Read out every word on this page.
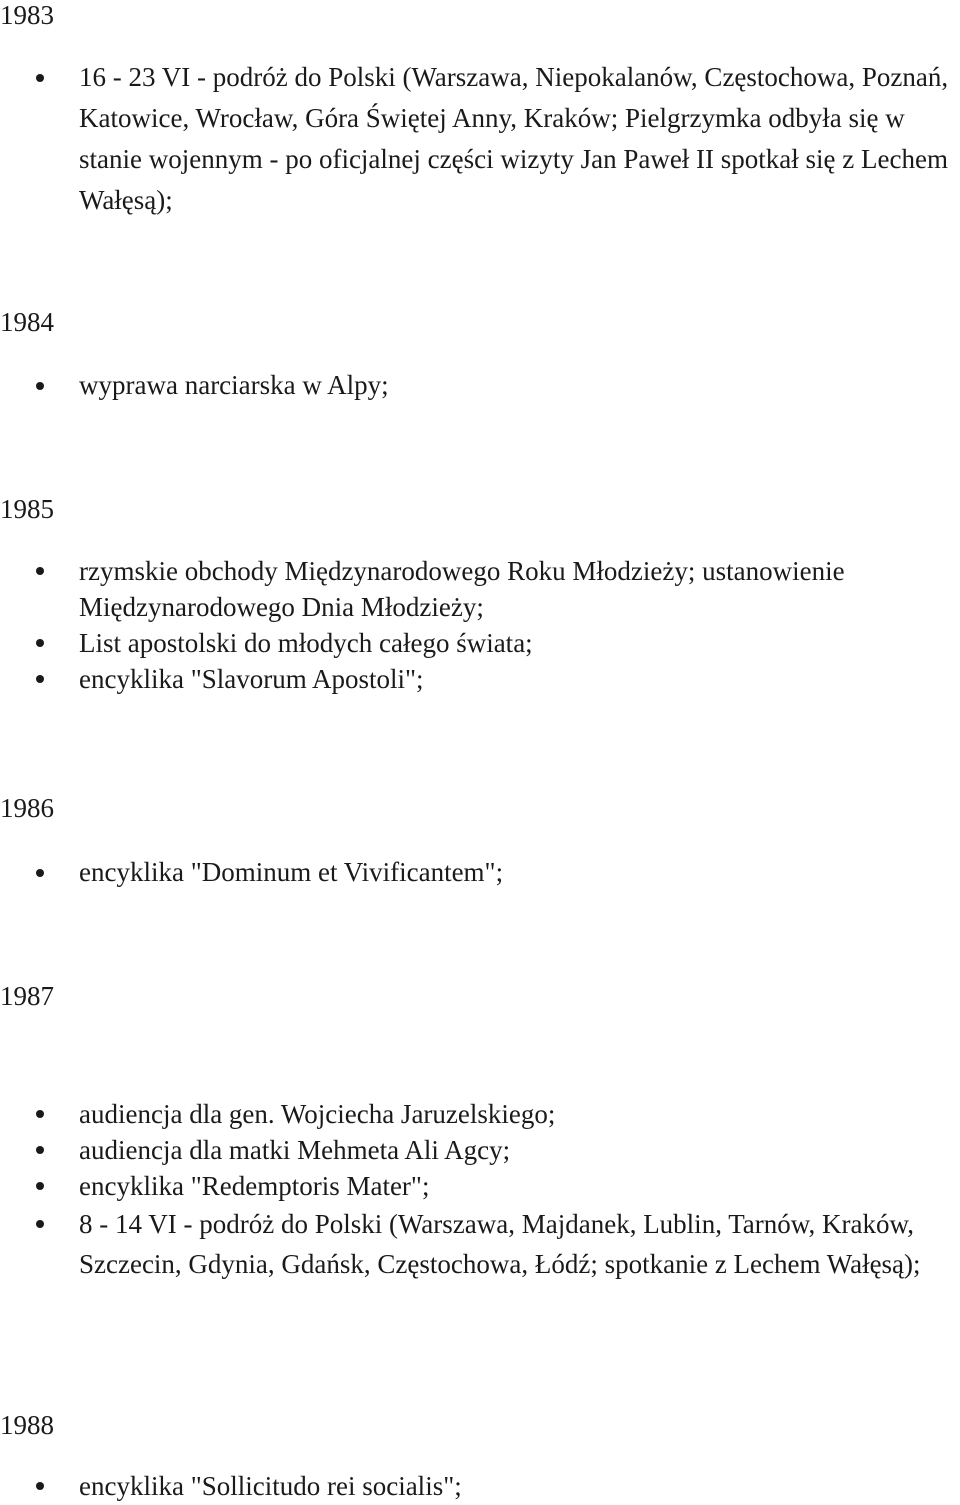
1983
16 - 23 VI - podróż do Polski (Warszawa, Niepokalanów, Częstochowa, Poznań, Katowice, Wrocław, Góra Świętej Anny, Kraków; Pielgrzymka odbyła się w stanie wojennym - po oficjalnej części wizyty Jan Paweł II spotkał się z Lechem Wałęsą);
1984
wyprawa narciarska w Alpy;
1985
rzymskie obchody Międzynarodowego Roku Młodzieży; ustanowienie Międzynarodowego Dnia Młodzieży;
List apostolski do młodych całego świata;
encyklika "Slavorum Apostoli";
1986
encyklika "Dominum et Vivificantem";
1987
audiencja dla gen. Wojciecha Jaruzelskiego;
audiencja dla matki Mehmeta Ali Agcy;
encyklika "Redemptoris Mater";
8 - 14 VI - podróż do Polski (Warszawa, Majdanek, Lublin, Tarnów, Kraków, Szczecin, Gdynia, Gdańsk, Częstochowa, Łódź; spotkanie z Lechem Wałęsą);
1988
encyklika "Sollicitudo rei socialis";
